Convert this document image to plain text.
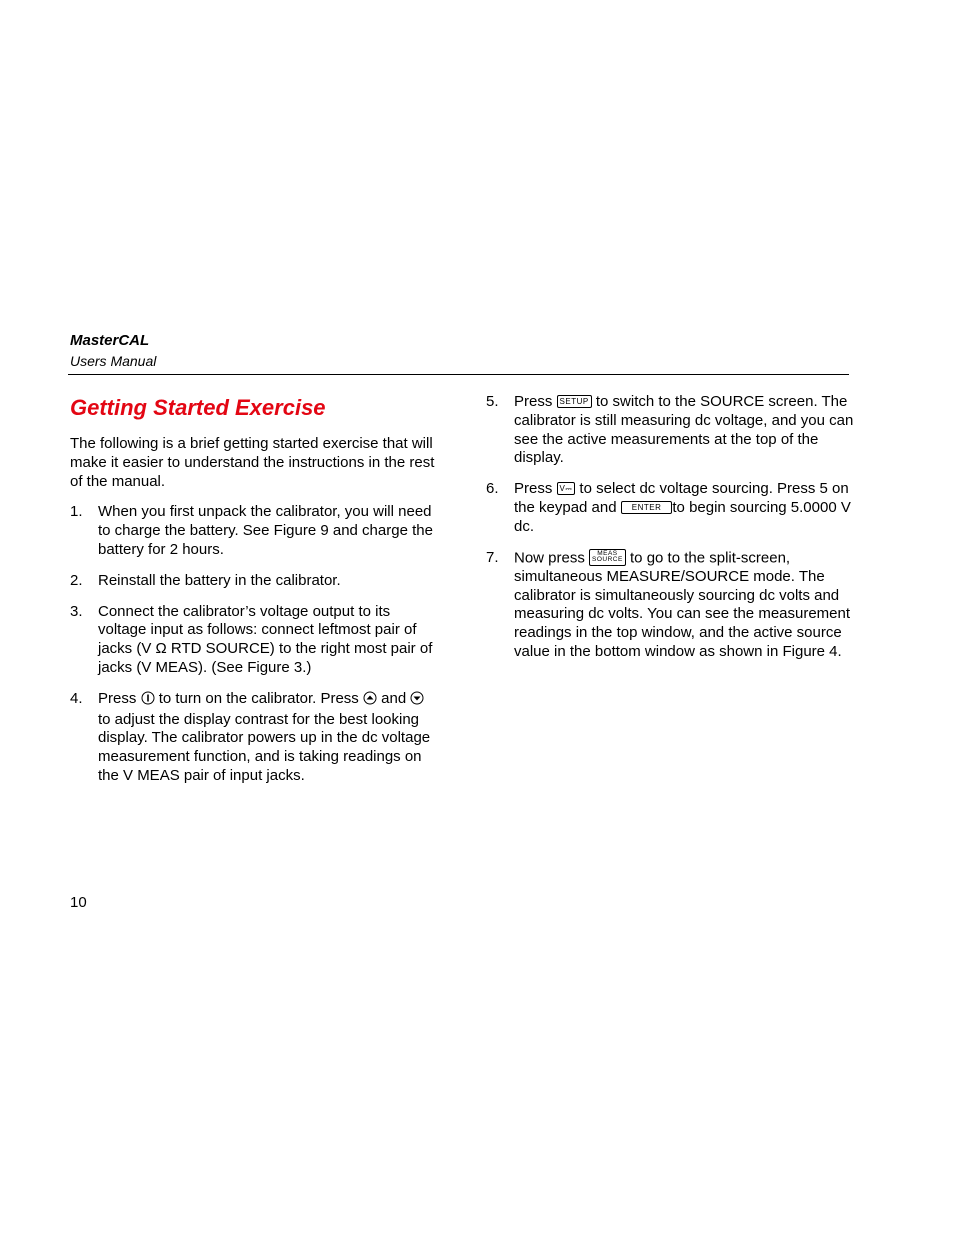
MasterCAL
Users Manual
Getting Started Exercise

The following is a brief getting started exercise that will make it easier to understand the instructions in the rest of the manual.

1.	When you first unpack the calibrator, you will need to charge the battery. See Figure 9 and charge the battery for 2 hours.
2.	Reinstall the battery in the calibrator.
3.	Connect the calibrator’s voltage output to its voltage input as follows: connect leftmost pair of jacks (V Ω RTD SOURCE) to the right most pair of jacks (V MEAS). (See Figure 3.)
4.	Press to turn on the calibrator. Press and  to adjust the display contrast for the best looking display. The calibrator powers up in the dc voltage measurement function, and is taking readings on the V MEAS pair of input jacks.
5.	Press SETUP to switch to the SOURCE screen. The calibrator is still measuring dc voltage, and you can see the active measurements at the top of the display.
6.	Press V⎓ to select dc voltage sourcing. Press 5 on the keypad and ENTER to begin sourcing 5.0000 V dc.
7.	Now press	MEAS
SOURCE to go to the split-screen, simultaneous MEASURE/SOURCE mode. The calibrator is simultaneously sourcing dc volts and measuring dc volts. You can see the measurement readings in the top window, and the active source value in the bottom window as shown in Figure 4.
10
